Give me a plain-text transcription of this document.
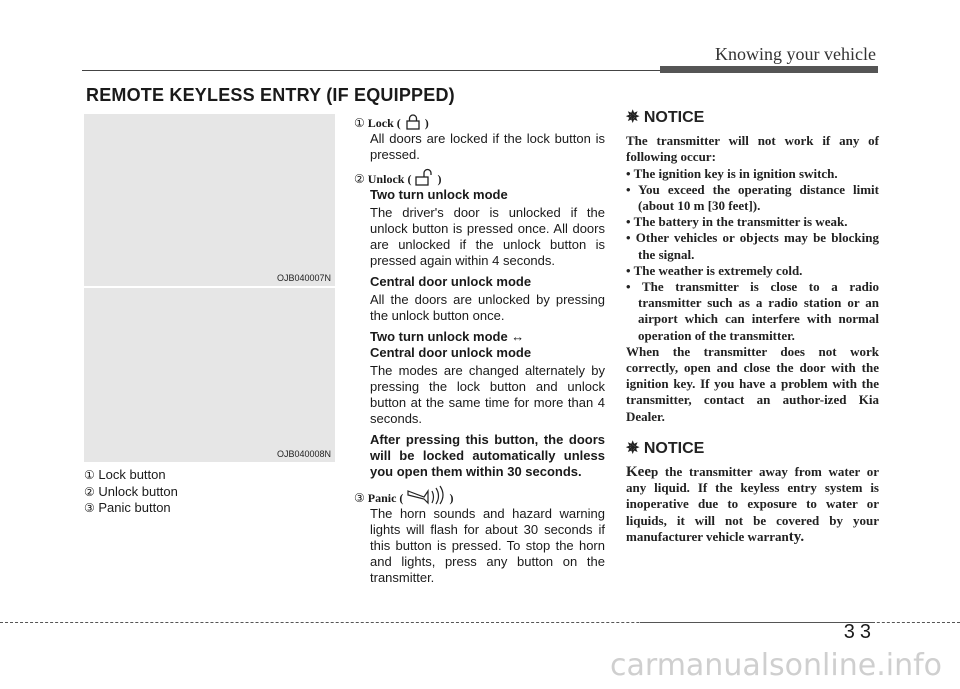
Knowing your vehicle
REMOTE KEYLESS ENTRY (IF EQUIPPED)
OJB040007N
OJB040008N
① Lock button
② Unlock button
③ Panic button
① Lock ( )

All doors are locked if the lock button is pressed.

② Unlock ( )

Two turn unlock mode

The driver's door is unlocked if the unlock button is pressed once. All doors are unlocked if the unlock button is pressed again within 4 seconds.

Central door unlock mode

All the doors are unlocked by pressing the unlock button once.

Two turn unlock mode ↔
Central door unlock mode

The modes are changed alternately by pressing the lock button and unlock button at the same time for more than 4 seconds.

After pressing this button, the doors will be locked automatically unless you open them within 30 seconds.

③ Panic (	)

The horn sounds and hazard warning lights will flash for about 30 seconds if this button is pressed. To stop the horn and lights, press any button on the transmitter.

✵ NOTICE

The transmitter will not work if any of following occur:

• The ignition key is in ignition switch.
• You exceed the operating distance limit (about 10 m [30 feet]).
• The battery in the transmitter is weak.
• Other vehicles or objects may be blocking the signal.
• The weather is extremely cold.
• The transmitter is close to a radio transmitter such as a radio station or an airport which can interfere with normal operation of the transmitter.

When the transmitter does not work correctly, open and close the door with the ignition key. If you have a problem with the transmitter, contact an author-ized Kia Dealer.

✵ NOTICE

Keep the transmitter away from water or any liquid. If the keyless entry system is inoperative due to exposure to water or liquids, it will not be covered by your manufacturer vehicle warranty.

33
carmanualsonline.info
